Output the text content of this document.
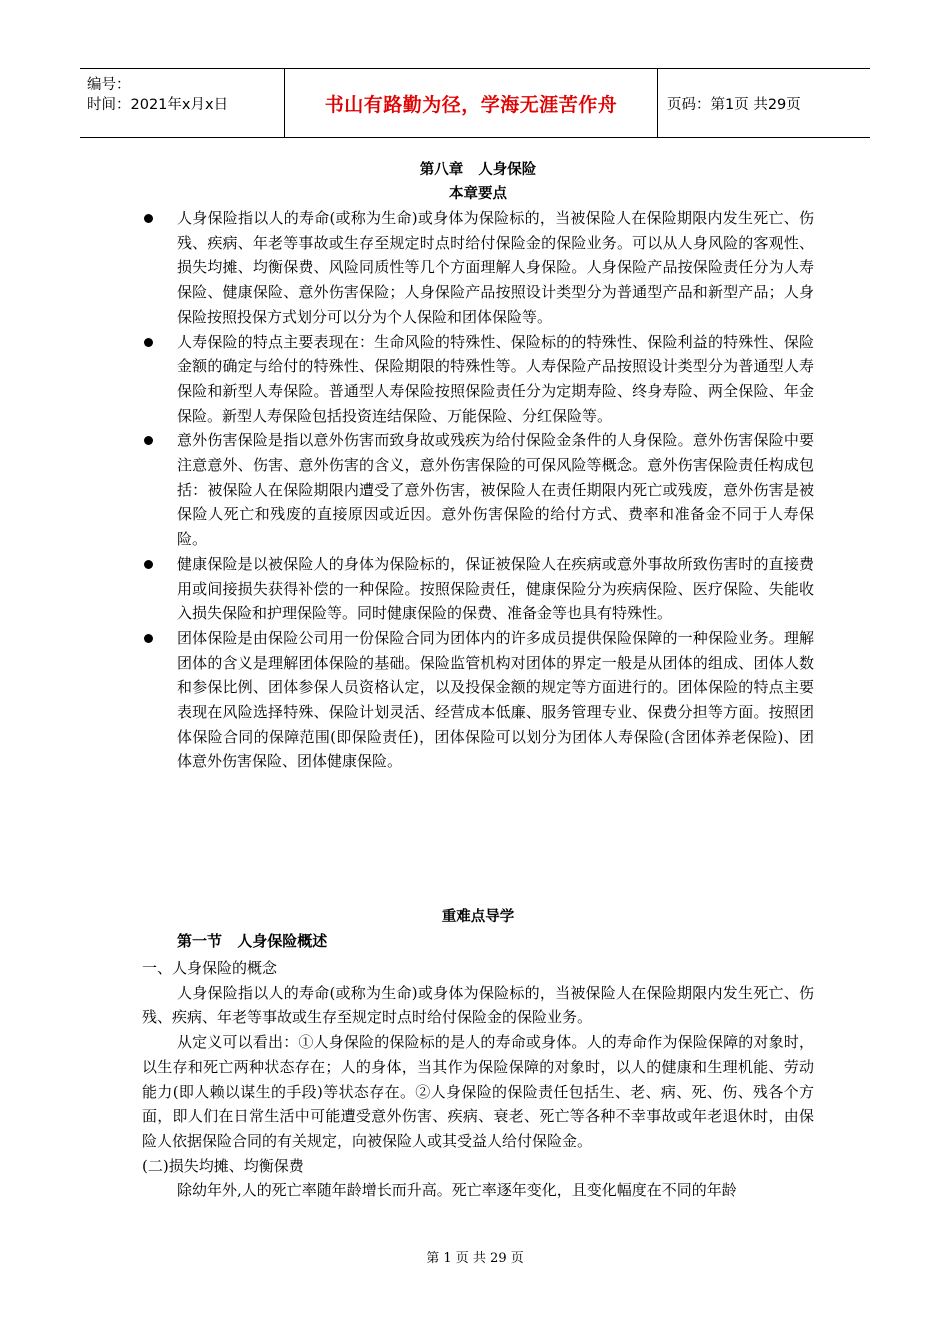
编号：
时间：2021年x月x日	书山有路勤为径，学海无涯苦作舟	页码：第1页 共29页
第八章 人身保险
本章要点
人身保险指以人的寿命(或称为生命)或身体为保险标的，当被保险人在保险期限内发生死亡、伤残、疾病、年老等事故或生存至规定时点时给付保险金的保险业务。可以从人身风险的客观性、损失均摊、均衡保费、风险同质性等几个方面理解人身保险。人身保险产品按保险责任分为人寿保险、健康保险、意外伤害保险；人身保险产品按照设计类型分为普通型产品和新型产品；人身保险按照投保方式划分可以分为个人保险和团体保险等。
人寿保险的特点主要表现在：生命风险的特殊性、保险标的的特殊性、保险利益的特殊性、保险金额的确定与给付的特殊性、保险期限的特殊性等。人寿保险产品按照设计类型分为普通型人寿保险和新型人寿保险。普通型人寿保险按照保险责任分为定期寿险、终身寿险、两全保险、年金保险。新型人寿保险包括投资连结保险、万能保险、分红保险等。
意外伤害保险是指以意外伤害而致身故或残疾为给付保险金条件的人身保险。意外伤害保险中要注意意外、伤害、意外伤害的含义，意外伤害保险的可保风险等概念。意外伤害保险责任构成包括：被保险人在保险期限内遭受了意外伤害，被保险人在责任期限内死亡或残废，意外伤害是被保险人死亡和残废的直接原因或近因。意外伤害保险的给付方式、费率和准备金不同于人寿保险。
健康保险是以被保险人的身体为保险标的，保证被保险人在疾病或意外事故所致伤害时的直接费用或间接损失获得补偿的一种保险。按照保险责任，健康保险分为疾病保险、医疗保险、失能收入损失保险和护理保险等。同时健康保险的保费、准备金等也具有特殊性。
团体保险是由保险公司用一份保险合同为团体内的许多成员提供保险保障的一种保险业务。理解团体的含义是理解团体保险的基础。保险监管机构对团体的界定一般是从团体的组成、团体人数和参保比例、团体参保人员资格认定，以及投保金额的规定等方面进行的。团体保险的特点主要表现在风险选择特殊、保险计划灵活、经营成本低廉、服务管理专业、保费分担等方面。按照团体保险合同的保障范围(即保险责任)，团体保险可以划分为团体人寿保险(含团体养老保险)、团体意外伤害保险、团体健康保险。
重难点导学
第一节 人身保险概述

一、人身保险的概念

人身保险指以人的寿命(或称为生命)或身体为保险标的，当被保险人在保险期限内发生死亡、伤残、疾病、年老等事故或生存至规定时点时给付保险金的保险业务。

从定义可以看出：①人身保险的保险标的是人的寿命或身体。人的寿命作为保险保障的对象时，以生存和死亡两种状态存在；人的身体，当其作为保险保障的对象时，以人的健康和生理机能、劳动能力(即人赖以谋生的手段)等状态存在。②人身保险的保险责任包括生、老、病、死、伤、残各个方面，即人们在日常生活中可能遭受意外伤害、疾病、衰老、死亡等各种不幸事故或年老退休时，由保险人依据保险合同的有关规定，向被保险人或其受益人给付保险金。

(二)损失均摊、均衡保费

除幼年外,人的死亡率随年龄增长而升高。死亡率逐年变化，且变化幅度在不同的年龄

第 1 页 共 29 页
